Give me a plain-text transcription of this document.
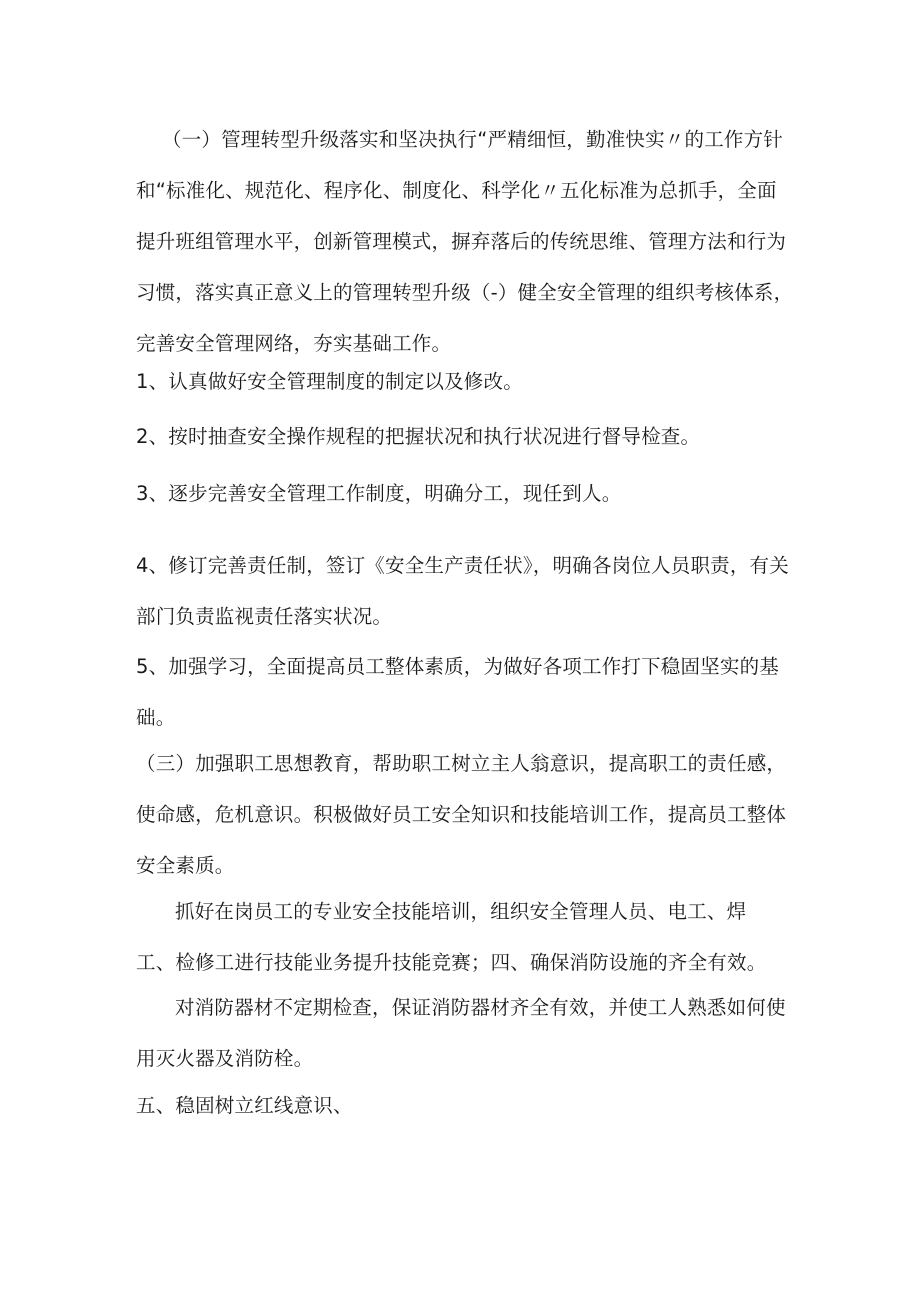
（一）管理转型升级落实和坚决执行“严精细恒，勤准快实〃的工作方针和“标准化、规范化、程序化、制度化、科学化〃五化标准为总抓手，全面提升班组管理水平，创新管理模式，摒弃落后的传统思维、管理方法和行为习惯，落实真正意义上的管理转型升级（-）健全安全管理的组织考核体系，完善安全管理网络，夯实基础工作。

1、认真做好安全管理制度的制定以及修改。

2、按时抽查安全操作规程的把握状况和执行状况进行督导检查。

3、逐步完善安全管理工作制度，明确分工，现任到人。

4、修订完善责任制，签订《安全生产责任状》，明确各岗位人员职责，有关部门负责监视责任落实状况。

5、加强学习，全面提高员工整体素质，为做好各项工作打下稳固坚实的基础。

（三）加强职工思想教育，帮助职工树立主人翁意识，提高职工的责任感，使命感，危机意识。积极做好员工安全知识和技能培训工作，提高员工整体安全素质。

抓好在岗员工的专业安全技能培训，组织安全管理人员、电工、焊工、检修工进行技能业务提升技能竞赛；四、确保消防设施的齐全有效。

对消防器材不定期检查，保证消防器材齐全有效，并使工人熟悉如何使用灭火器及消防栓。

五、稳固树立红线意识、
